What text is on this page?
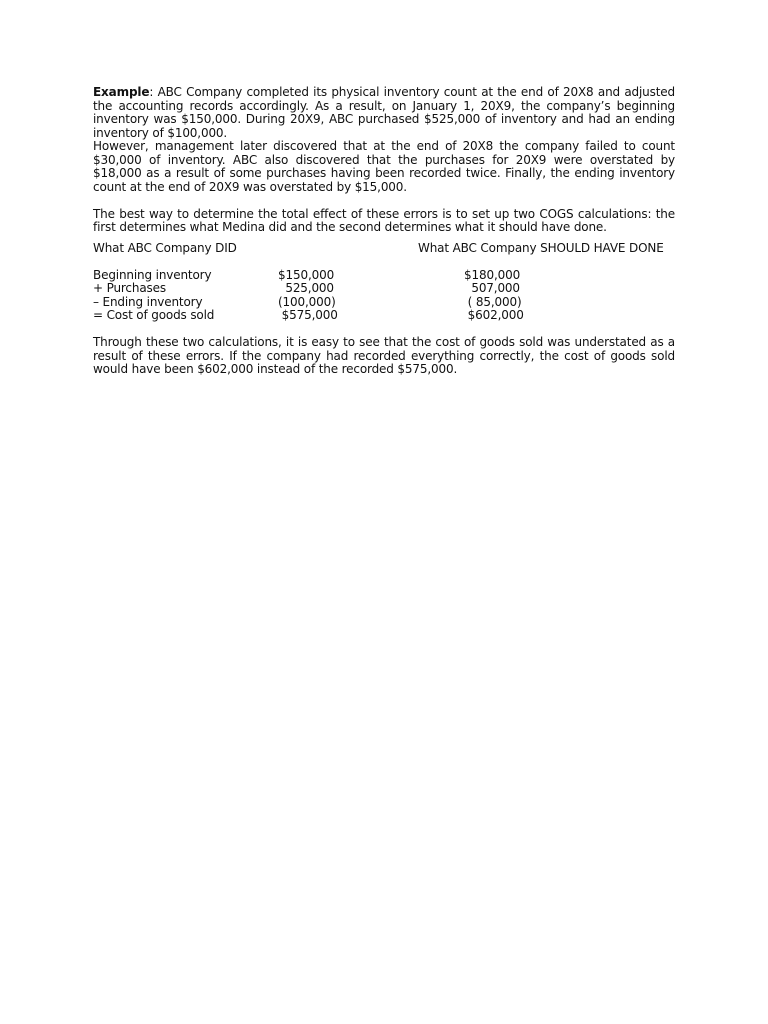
Example: ABC Company completed its physical inventory count at the end of 20X8 and adjusted the accounting records accordingly. As a result, on January 1, 20X9, the company’s beginning inventory was $150,000. During 20X9, ABC purchased $525,000 of inventory and had an ending inventory of $100,000.

However, management later discovered that at the end of 20X8 the company failed to count $30,000 of inventory. ABC also discovered that the purchases for 20X9 were overstated by $18,000 as a result of some purchases having been recorded twice. Finally, the ending inventory count at the end of 20X9 was overstated by $15,000.

The best way to determine the total effect of these errors is to set up two COGS calculations: the first determines what Medina did and the second determines what it should have done.

What ABC Company DID	What ABC Company SHOULD HAVE DONE
Beginning inventory	$150,000	$180,000
+ Purchases	525,000	507,000
– Ending inventory	(100,000)	( 85,000)
= Cost of goods sold	$575,000	$602,000

Through these two calculations, it is easy to see that the cost of goods sold was understated as a result of these errors. If the company had recorded everything correctly, the cost of goods sold would have been $602,000 instead of the recorded $575,000.
